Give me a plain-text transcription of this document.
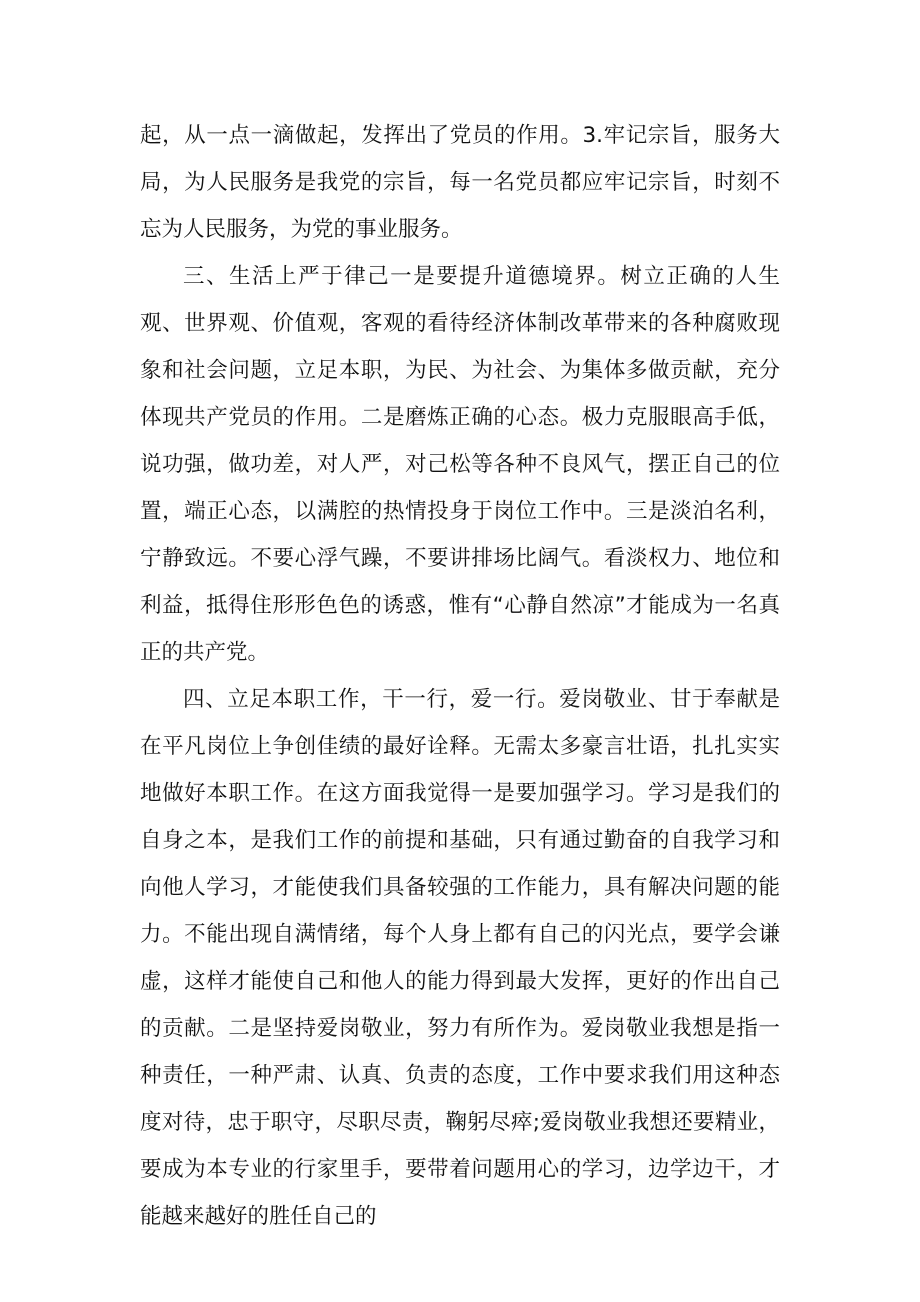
起，从一点一滴做起，发挥出了党员的作用。3.牢记宗旨，服务大局，为人民服务是我党的宗旨，每一名党员都应牢记宗旨，时刻不忘为人民服务，为党的事业服务。

三、生活上严于律己一是要提升道德境界。树立正确的人生观、世界观、价值观，客观的看待经济体制改革带来的各种腐败现象和社会问题，立足本职，为民、为社会、为集体多做贡献，充分体现共产党员的作用。二是磨炼正确的心态。极力克服眼高手低，说功强，做功差，对人严，对己松等各种不良风气，摆正自己的位置，端正心态，以满腔的热情投身于岗位工作中。三是淡泊名利，宁静致远。不要心浮气躁，不要讲排场比阔气。看淡权力、地位和利益，抵得住形形色色的诱惑，惟有“心静自然凉”才能成为一名真正的共产党。

四、立足本职工作，干一行，爱一行。爱岗敬业、甘于奉献是在平凡岗位上争创佳绩的最好诠释。无需太多豪言壮语，扎扎实实地做好本职工作。在这方面我觉得一是要加强学习。学习是我们的自身之本，是我们工作的前提和基础，只有通过勤奋的自我学习和向他人学习，才能使我们具备较强的工作能力，具有解决问题的能力。不能出现自满情绪，每个人身上都有自己的闪光点，要学会谦虚，这样才能使自己和他人的能力得到最大发挥，更好的作出自己的贡献。二是坚持爱岗敬业，努力有所作为。爱岗敬业我想是指一种责任，一种严肃、认真、负责的态度，工作中要求我们用这种态度对待，忠于职守，尽职尽责，鞠躬尽瘁;爱岗敬业我想还要精业，要成为本专业的行家里手，要带着问题用心的学习，边学边干，才能越来越好的胜任自己的
